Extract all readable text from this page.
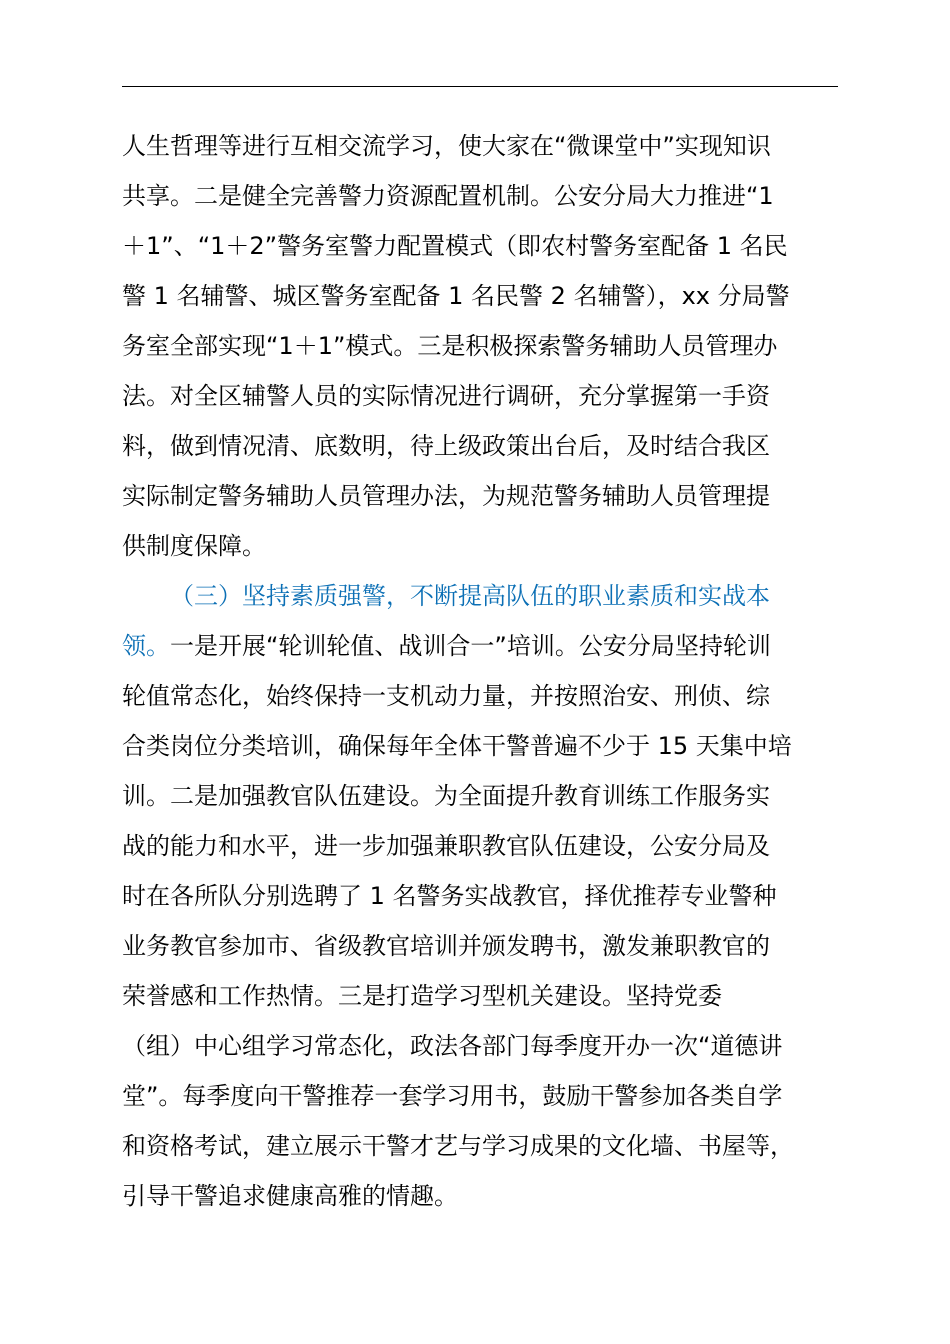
人生哲理等进行互相交流学习，使大家在“微课堂中”实现知识
共享。二是健全完善警力资源配置机制。公安分局大力推进“1
＋1”、“1＋2”警务室警力配置模式（即农村警务室配备 1 名民
警 1 名辅警、城区警务室配备 1 名民警 2 名辅警），xx 分局警
务室全部实现“1＋1”模式。三是积极探索警务辅助人员管理办
法。对全区辅警人员的实际情况进行调研，充分掌握第一手资
料，做到情况清、底数明，待上级政策出台后，及时结合我区
实际制定警务辅助人员管理办法，为规范警务辅助人员管理提
供制度保障。
（三）坚持素质强警，不断提高队伍的职业素质和实战本
领。一是开展“轮训轮值、战训合一”培训。公安分局坚持轮训
轮值常态化，始终保持一支机动力量，并按照治安、刑侦、综
合类岗位分类培训，确保每年全体干警普遍不少于 15 天集中培
训。二是加强教官队伍建设。为全面提升教育训练工作服务实
战的能力和水平，进一步加强兼职教官队伍建设，公安分局及
时在各所队分别选聘了 1 名警务实战教官，择优推荐专业警种
业务教官参加市、省级教官培训并颁发聘书，激发兼职教官的
荣誉感和工作热情。三是打造学习型机关建设。坚持党委
（组）中心组学习常态化，政法各部门每季度开办一次“道德讲
堂”。每季度向干警推荐一套学习用书，鼓励干警参加各类自学
和资格考试，建立展示干警才艺与学习成果的文化墙、书屋等，
引导干警追求健康高雅的情趣。
